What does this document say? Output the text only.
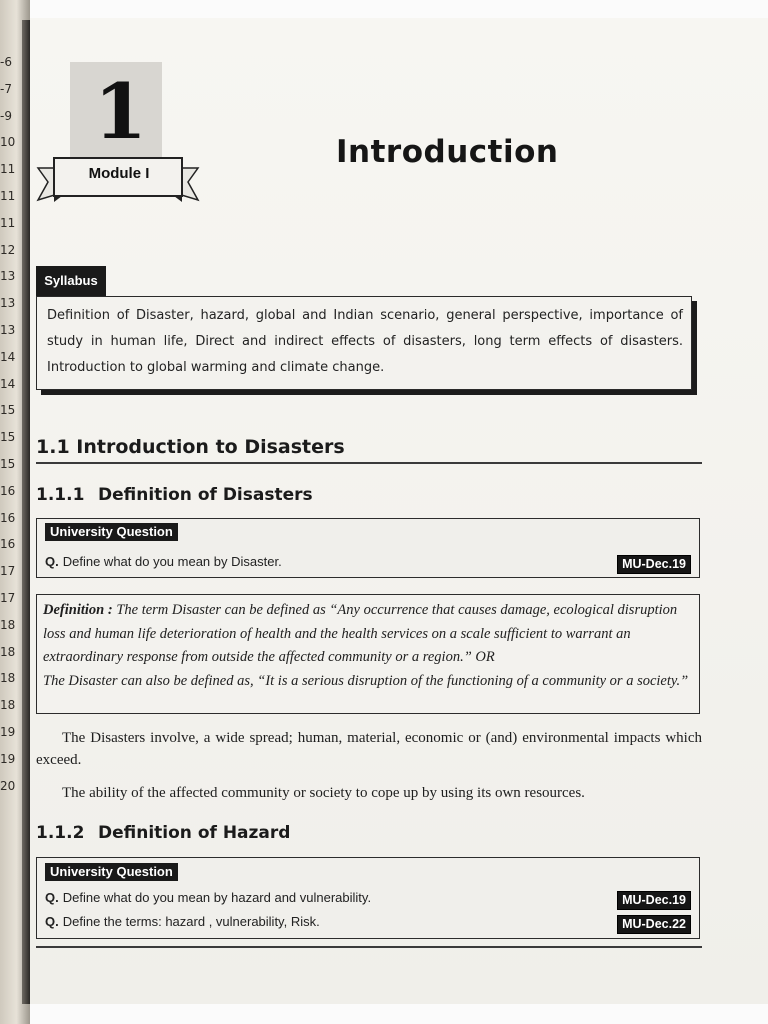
-6
-7
-9
10
11
11
11
12
13
13
13
14
14
15
15
15
16
16
16
17
17
18
18
18
18
19
19
20
1
Module I
Introduction
Syllabus
Definition of Disaster, hazard, global and Indian scenario, general perspective, importance of study in human life, Direct and indirect effects of disasters, long term effects of disasters. Introduction to global warming and climate change.
1.1 Introduction to Disasters
1.1.1 Definition of Disasters
University Question
Q. Define what do you mean by Disaster.	MU-Dec.19
Definition : The term Disaster can be defined as “Any occurrence that causes damage, ecological disruption loss and human life deterioration of health and the health services on a scale sufficient to warrant an extraordinary response from outside the affected community or a region.” OR
The Disaster can also be defined as, “It is a serious disruption of the functioning of a community or a society.”
The Disasters involve, a wide spread; human, material, economic or (and) environmental impacts which exceed.
The ability of the affected community or society to cope up by using its own resources.
1.1.2 Definition of Hazard
University Question
Q. Define what do you mean by hazard and vulnerability.	MU-Dec.19
Q. Define the terms: hazard , vulnerability, Risk.	MU-Dec.22
